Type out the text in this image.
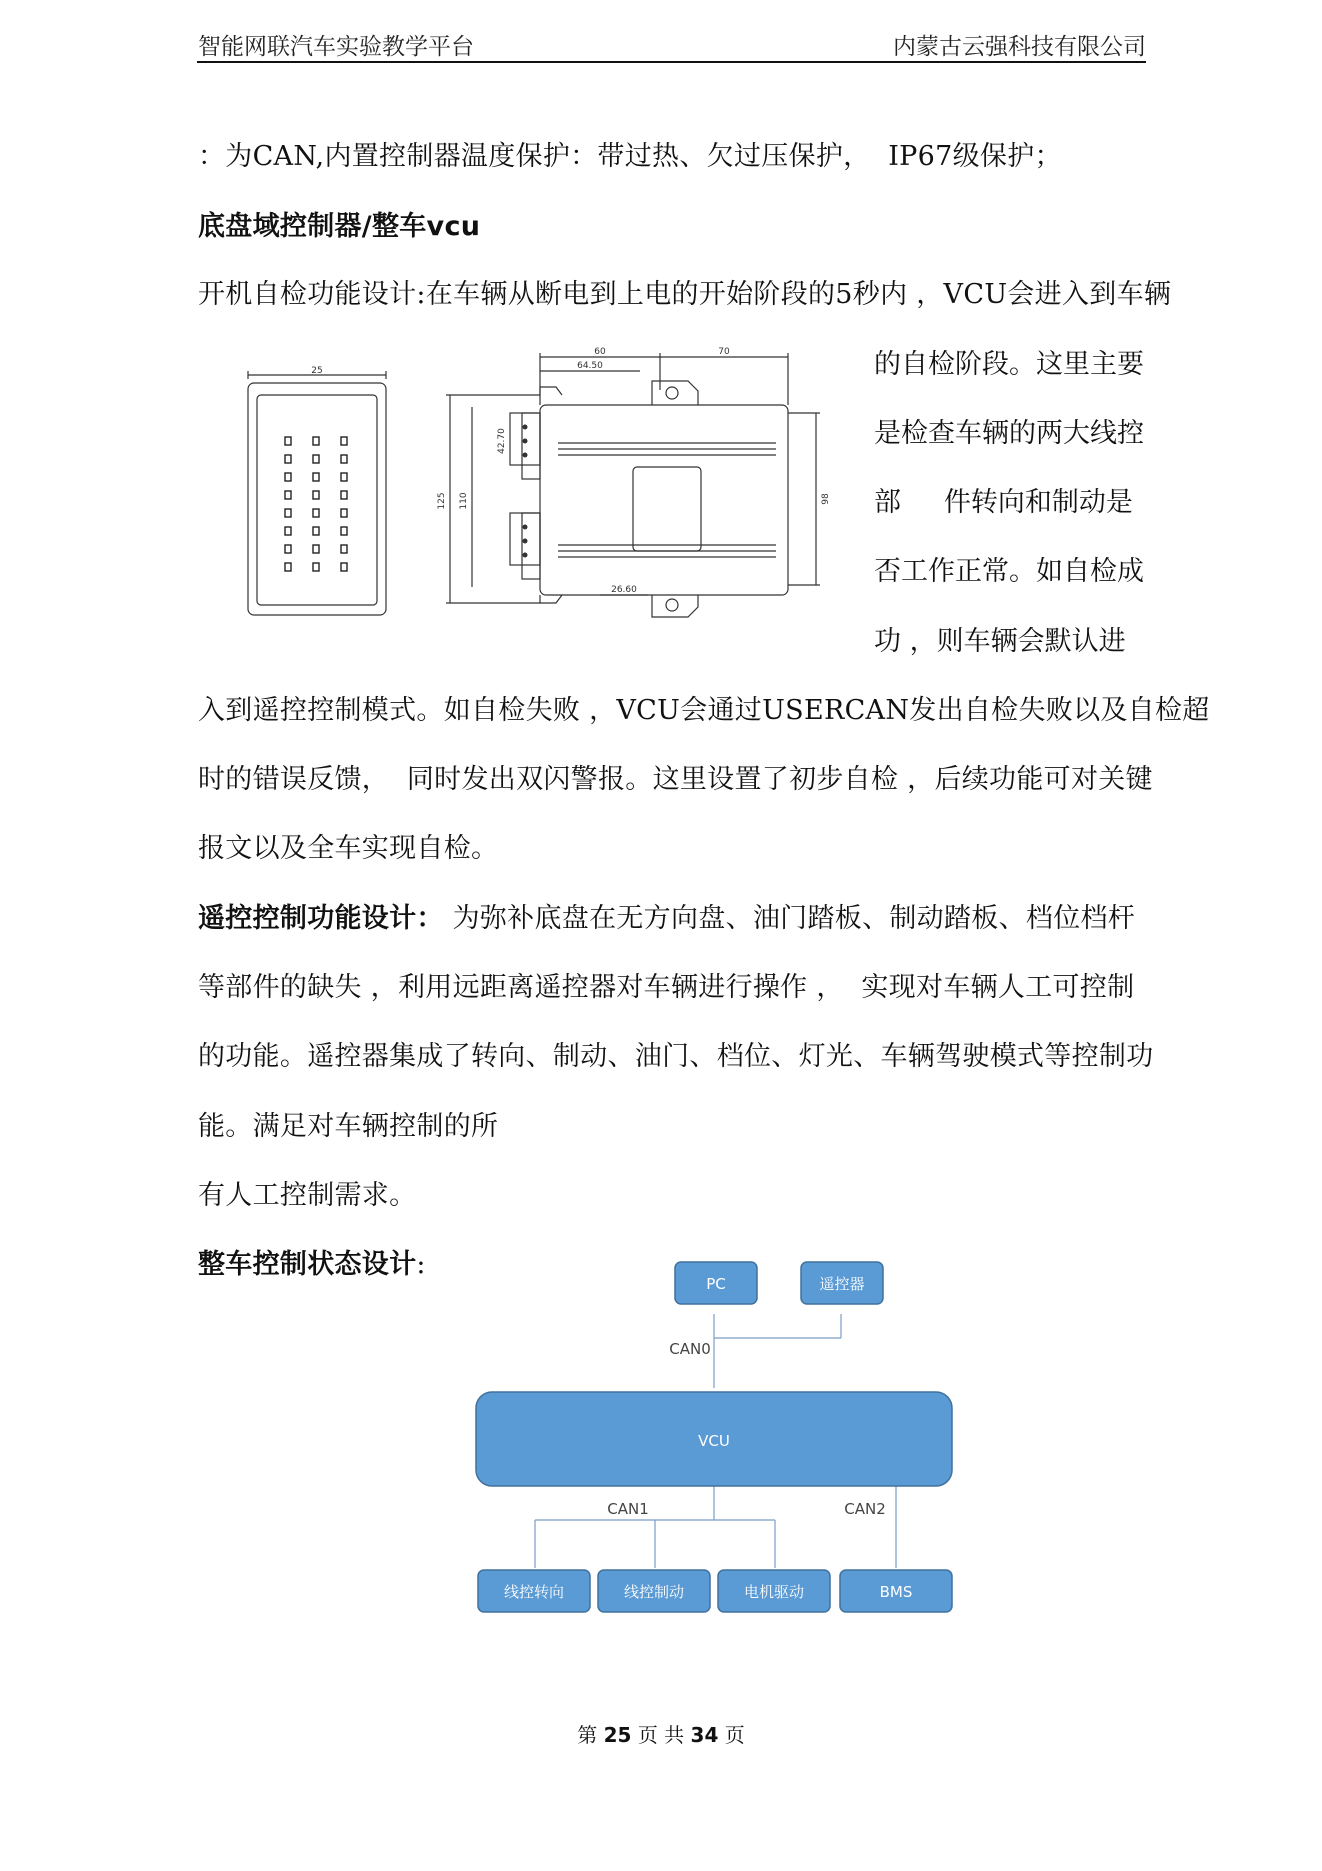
智能网联汽车实验教学平台	内蒙古云强科技有限公司
：为CAN,内置控制器温度保护：带过热、欠过压保护，  IP67级保护；
底盘域控制器/整车vcu
开机自检功能设计:在车辆从断电到上电的开始阶段的5秒内 ，VCU会进入到车辆
的自检阶段。这里主要
是检查车辆的两大线控
部     件转向和制动是
否工作正常。如自检成
功 ，则车辆会默认进
25
60	70
64.50
125 110
42.70
98
26.60
入到遥控控制模式。如自检失败 ，VCU会通过USERCAN发出自检失败以及自检超
时的错误反馈，  同时发出双闪警报。这里设置了初步自检 ，后续功能可对关键
报文以及全车实现自检。
遥控控制功能设计： 为弥补底盘在无方向盘、油门踏板、制动踏板、档位档杆
等部件的缺失 ，利用远距离遥控器对车辆进行操作 ，  实现对车辆人工可控制
的功能。遥控器集成了转向、制动、油门、档位、灯光、车辆驾驶模式等控制功
能。满足对车辆控制的所
有人工控制需求。
整车控制状态设计:
PC	遥控器
CAN0
VCU
CAN1	CAN2
线控转向	线控制动	电机驱动	BMS
第 25 页 共 34 页
